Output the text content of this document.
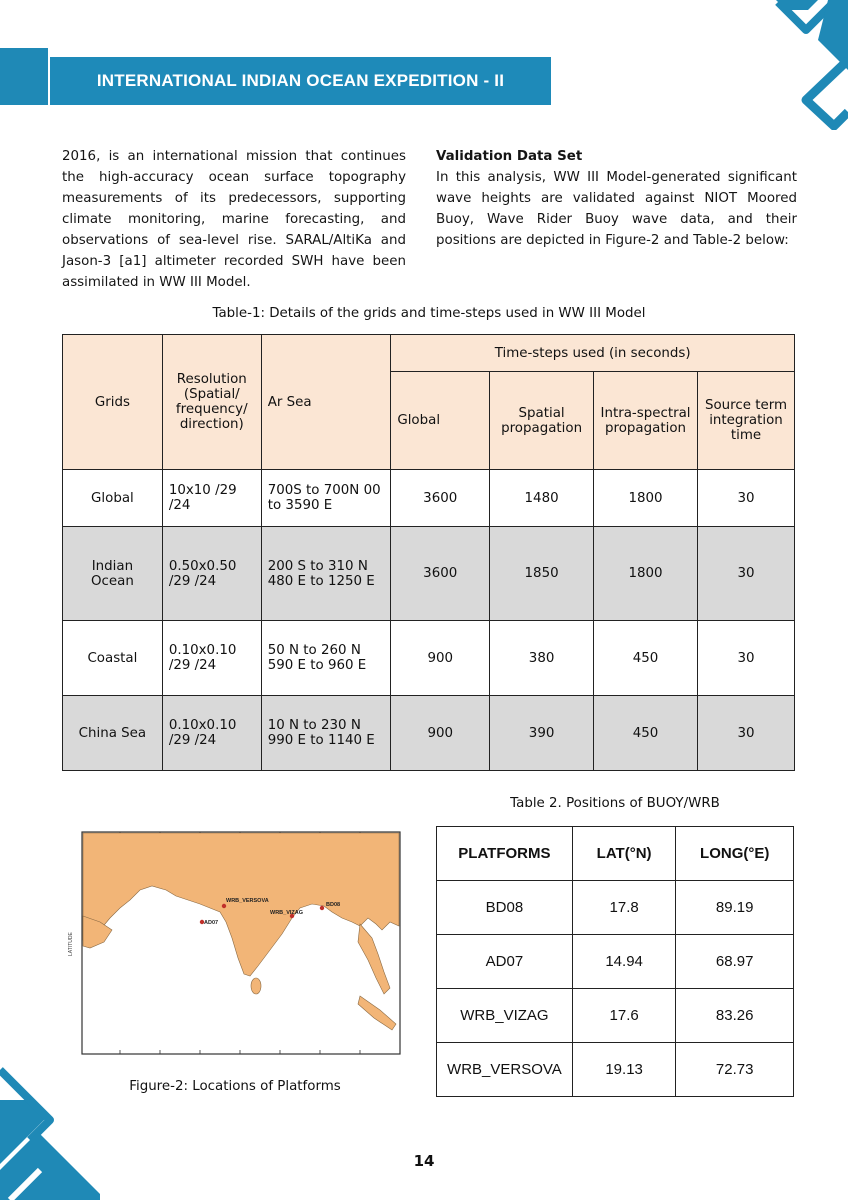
INTERNATIONAL INDIAN OCEAN EXPEDITION - II

2016, is an international mission that continues the high-accuracy ocean surface topography measurements of its predecessors, supporting climate monitoring, marine forecasting, and observations of sea-level rise. SARAL/AltiKa and Jason-3 [a1] altimeter recorded SWH have been assimilated in WW III Model.

Validation Data Set

In this analysis, WW III Model-generated significant wave heights are validated against NIOT Moored Buoy, Wave Rider Buoy wave data, and their positions are depicted in Figure-2 and Table-2 below:

Table-1: Details of the grids and time-steps used in WW III Model
Grids	Resolution (Spatial/ frequency/ direction)	Ar Sea	Time-steps used (in seconds)			
			Global	Spatial propagation	Intra-spectral propagation	Source term integration time
Global	10x10 /29 /24	700S to 700N 00 to 3590 E	3600	1480	1800	30
Indian Ocean	0.50x0.50 /29 /24	200 S to 310 N 480 E to 1250 E	3600	1850	1800	30
Coastal	0.10x0.10 /29 /24	50 N to 260 N 590 E to 960 E	900	380	450	30
China Sea	0.10x0.10 /29 /24	10 N to 230 N 990 E to 1140 E	900	390	450	30
WRB_VERSOVA
WRB_VIZAG
BD08
AD07
LATITUDE
Figure-2: Locations of Platforms
Table 2. Positions of BUOY/WRB
PLATFORMS	LAT(°N)	LONG(°E)
BD08	17.8	89.19
AD07	14.94	68.97
WRB_VIZAG	17.6	83.26
WRB_VERSOVA	19.13	72.73
14
